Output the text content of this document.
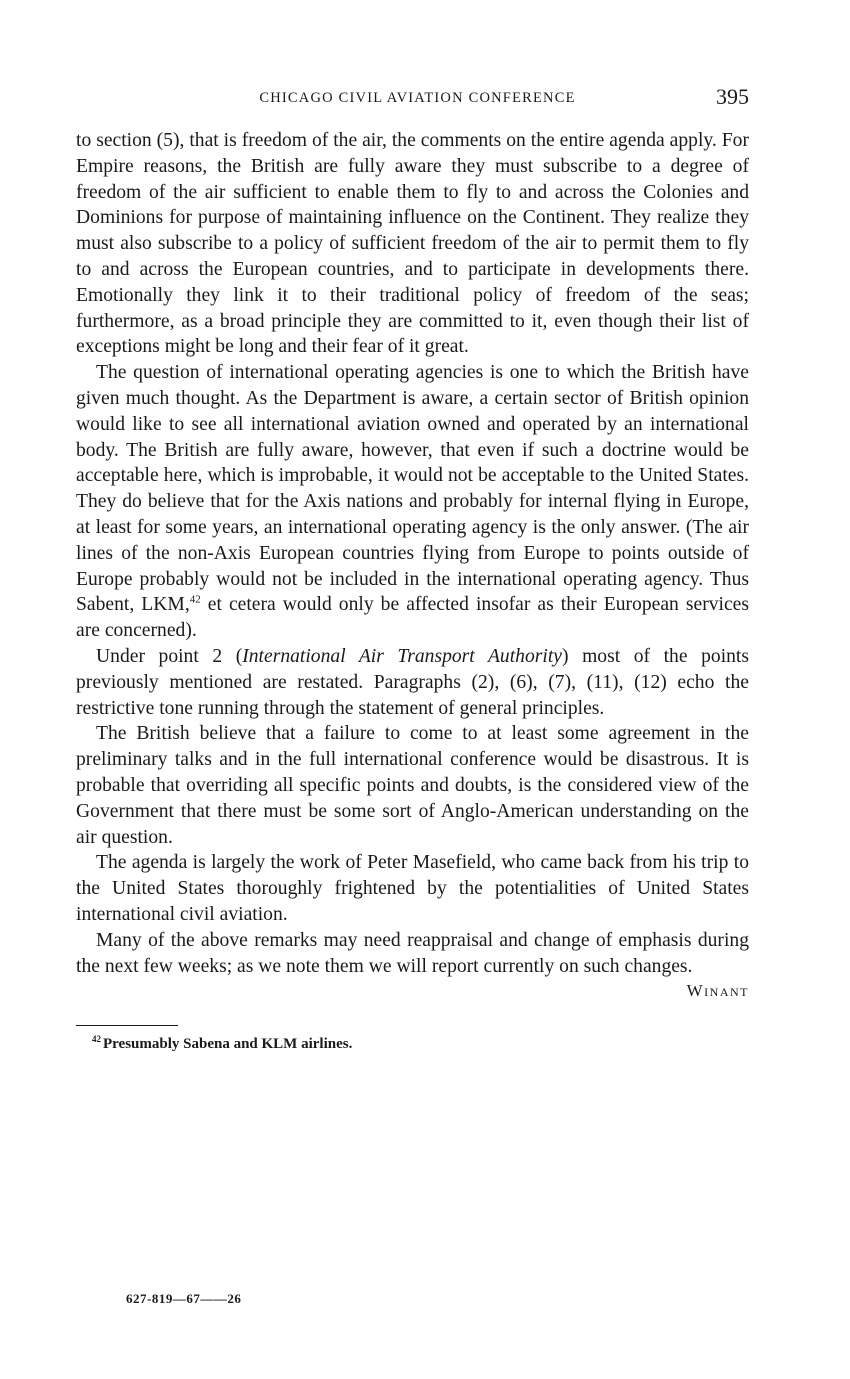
CHICAGO CIVIL AVIATION CONFERENCE	395

to section (5), that is freedom of the air, the comments on the entire agenda apply. For Empire reasons, the British are fully aware they must subscribe to a degree of freedom of the air sufficient to enable them to fly to and across the Colonies and Dominions for purpose of maintaining influence on the Continent. They realize they must also subscribe to a policy of sufficient freedom of the air to permit them to fly to and across the European countries, and to participate in developments there. Emotionally they link it to their traditional policy of freedom of the seas; furthermore, as a broad principle they are committed to it, even though their list of exceptions might be long and their fear of it great.

The question of international operating agencies is one to which the British have given much thought. As the Department is aware, a certain sector of British opinion would like to see all international aviation owned and operated by an international body. The British are fully aware, however, that even if such a doctrine would be acceptable here, which is improbable, it would not be acceptable to the United States. They do believe that for the Axis nations and probably for internal flying in Europe, at least for some years, an international operating agency is the only answer. (The air lines of the non-Axis European countries flying from Europe to points outside of Europe probably would not be included in the international operating agency. Thus Sabent, LKM,$^{42}$ et cetera would only be affected insofar as their European services are concerned).

Under point 2 (International Air Transport Authority) most of the points previously mentioned are restated. Paragraphs (2), (6), (7), (11), (12) echo the restrictive tone running through the statement of general principles.

The British believe that a failure to come to at least some agreement in the preliminary talks and in the full international conference would be disastrous. It is probable that overriding all specific points and doubts, is the considered view of the Government that there must be some sort of Anglo-American understanding on the air question.

The agenda is largely the work of Peter Masefield, who came back from his trip to the United States thoroughly frightened by the potentialities of United States international civil aviation.

Many of the above remarks may need reappraisal and change of emphasis during the next few weeks; as we note them we will report currently on such changes.

Winant
$^{42}$ Presumably Sabena and KLM airlines.
627-819—67——26
